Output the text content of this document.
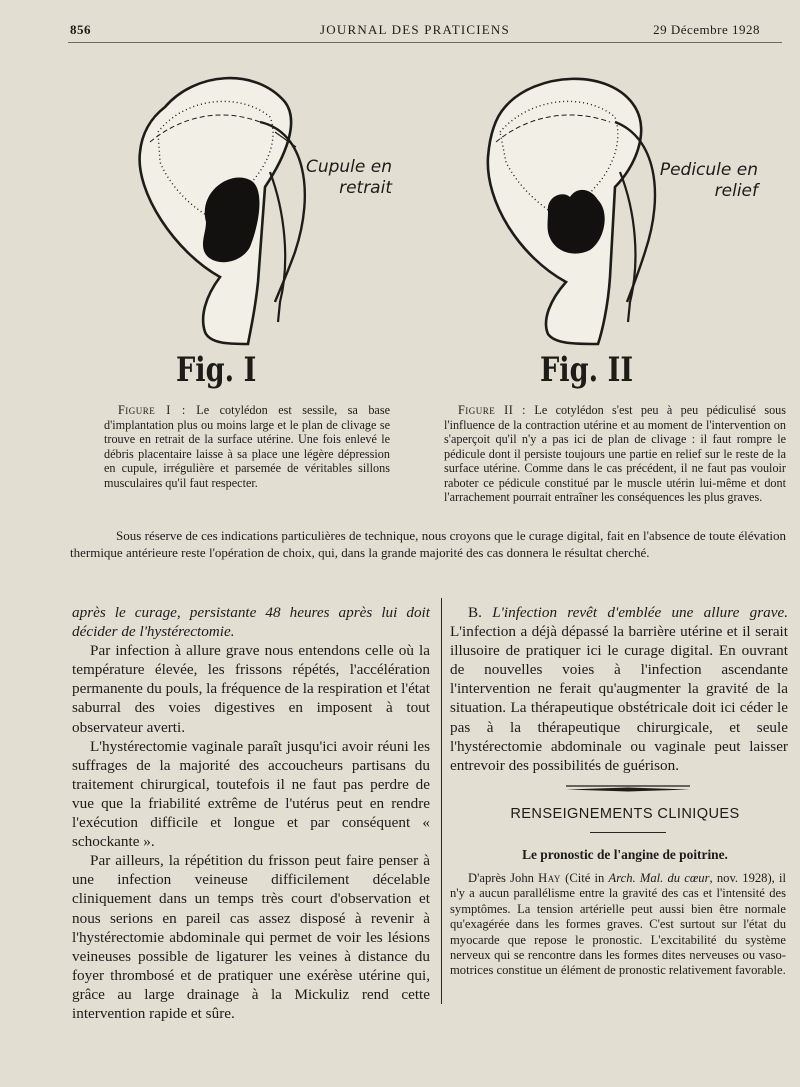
856	JOURNAL DES PRATICIENS	29 Décembre 1928
Cupule en
retrait
Fig. I
Pedicule en
relief
Fig. II
Figure I : Le cotylédon est sessile, sa base d'implantation plus ou moins large et le plan de clivage se trouve en retrait de la surface utérine. Une fois enlevé le débris placentaire laisse à sa place une légère dépression en cupule, irrégulière et parsemée de véritables sillons musculaires qu'il faut respecter.
Figure II : Le cotylédon s'est peu à peu pédiculisé sous l'influence de la contraction utérine et au moment de l'intervention on s'aperçoit qu'il n'y a pas ici de plan de clivage : il faut rompre le pédicule dont il persiste toujours une partie en relief sur le reste de la surface utérine. Comme dans le cas précédent, il ne faut pas vouloir raboter ce pédicule constitué par le muscle utérin lui-même et dont l'arrachement pourrait entraîner les conséquences les plus graves.
Sous réserve de ces indications particulières de technique, nous croyons que le curage digital, fait en l'absence de toute élévation thermique antérieure reste l'opération de choix, qui, dans la grande majorité des cas donnera le résultat cherché.

après le curage, persistante 48 heures après lui doit décider de l'hystérectomie.

Par infection à allure grave nous entendons celle où la température élevée, les frissons répétés, l'accélération permanente du pouls, la fréquence de la respiration et l'état saburral des voies digestives en imposent à tout observateur averti.

L'hystérectomie vaginale paraît jusqu'ici avoir réuni les suffrages de la majorité des accoucheurs partisans du traitement chirurgical, toutefois il ne faut pas perdre de vue que la friabilité extrême de l'utérus peut en rendre l'exécution difficile et longue et par conséquent « schockante ».

Par ailleurs, la répétition du frisson peut faire penser à une infection veineuse difficilement décelable cliniquement dans un temps très court d'observation et nous serions en pareil cas assez disposé à revenir à l'hystérectomie abdominale qui permet de voir les lésions veineuses possible de ligaturer les veines à distance du foyer thrombosé et de pratiquer une exérèse utérine qui, grâce au large drainage à la Mickuliz rend cette intervention rapide et sûre.

B. L'infection revêt d'emblée une allure grave. L'infection a déjà dépassé la barrière utérine et il serait illusoire de pratiquer ici le curage digital. En ouvrant de nouvelles voies à l'infection ascendante l'intervention ne ferait qu'augmenter la gravité de la situation. La thérapeutique obstétricale doit ici céder le pas à la thérapeutique chirurgicale, et seule l'hystérectomie abdominale ou vaginale peut laisser entrevoir des possibilités de guérison.

RENSEIGNEMENTS CLINIQUES
Le pronostic de l'angine de poitrine.
D'après John Hay (Cité in Arch. Mal. du cœur, nov. 1928), il n'y a aucun parallélisme entre la gravité des cas et l'intensité des symptômes. La tension artérielle peut aussi bien être normale qu'exagérée dans les formes graves. C'est surtout sur l'état du myocarde que repose le pronostic. L'excitabilité du système nerveux qui se rencontre dans les formes dites nerveuses ou vaso-motrices constitue un élément de pronostic relativement favorable.
